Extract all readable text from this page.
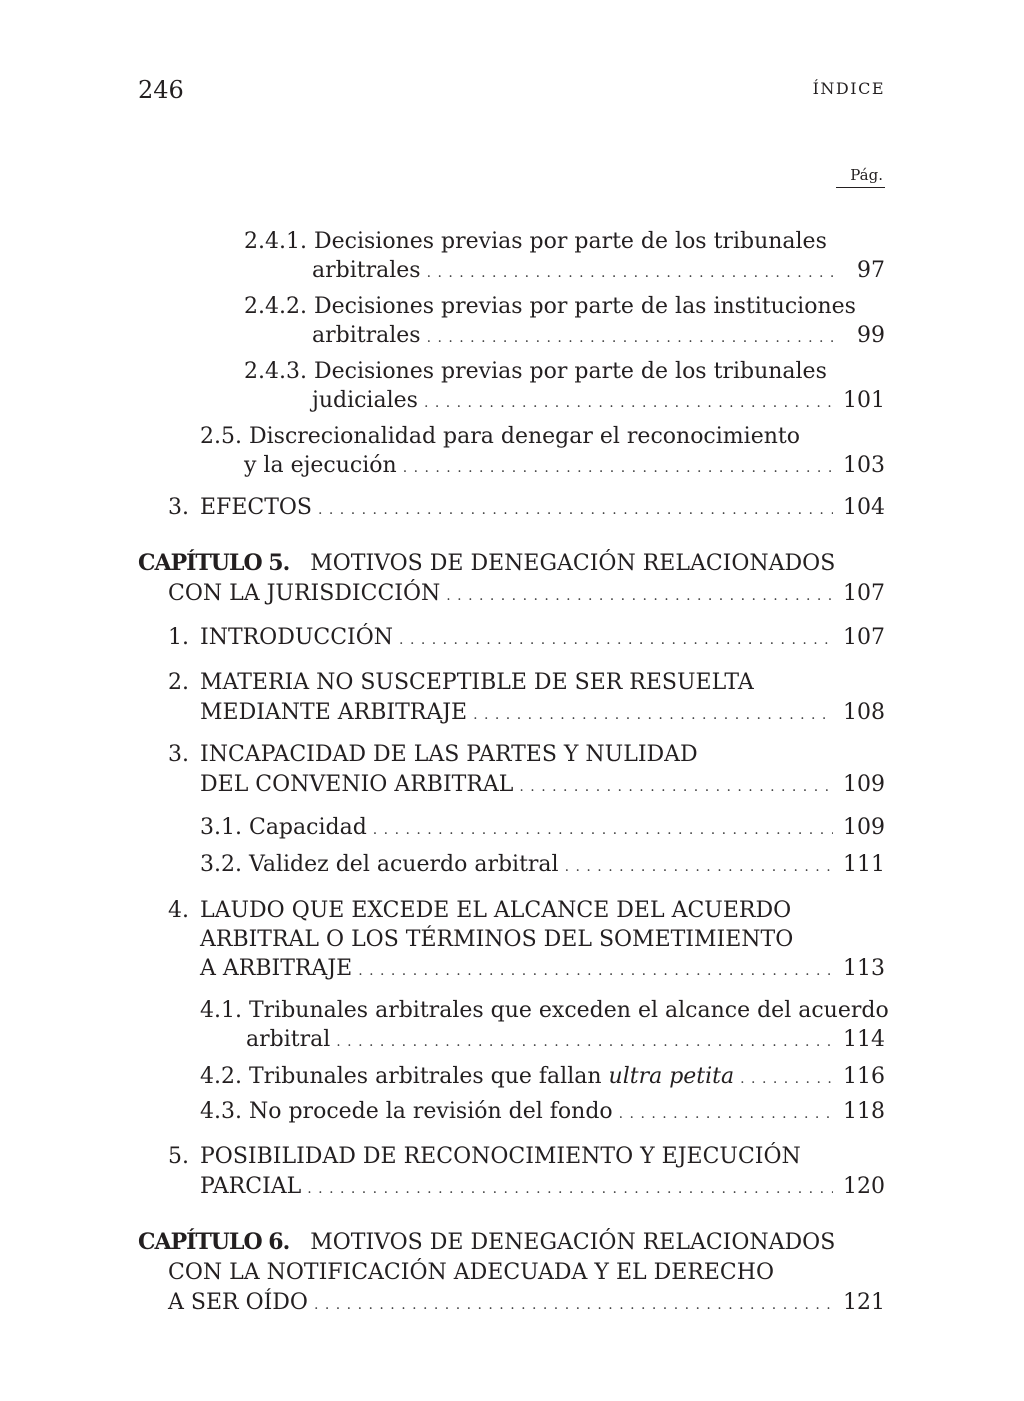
246	ÍNDICE
Pág.
2.4.1.
Decisiones previas por parte de los tribunales
arbitrales . . .	97
2.4.2.
Decisiones previas por parte de las instituciones
arbitrales . . .	99
2.4.3.
Decisiones previas por parte de los tribunales
judiciales . . .	101
2.5.
Discrecionalidad para denegar el reconocimiento
y la ejecución . . .	103
3. EFECTOS . . .	104
CAPÍTULO 5.
MOTIVOS DE DENEGACIÓN RELACIONADOS
CON LA JURISDICCIÓN . . .	107
1. INTRODUCCIÓN . . .	107
2. MATERIA NO SUSCEPTIBLE DE SER RESUELTA
MEDIANTE ARBITRAJE . . .	108
3. INCAPACIDAD DE LAS PARTES Y NULIDAD
DEL CONVENIO ARBITRAL . . .	109
3.1.
Capacidad . . .	109
3.2.
Validez del acuerdo arbitral . . .	111
4. LAUDO QUE EXCEDE EL ALCANCE DEL ACUERDO
ARBITRAL O LOS TÉRMINOS DEL SOMETIMIENTO
A ARBITRAJE . . .	113
4.1.
Tribunales arbitrales que exceden el alcance del acuerdo
arbitral . . .	114
4.2.
Tribunales arbitrales que fallan ultra petita . . .	116
4.3.
No procede la revisión del fondo . . .	118
5. POSIBILIDAD DE RECONOCIMIENTO Y EJECUCIÓN
PARCIAL . . .	120
CAPÍTULO 6.
MOTIVOS DE DENEGACIÓN RELACIONADOS
CON LA NOTIFICACIÓN ADECUADA Y EL DERECHO
A SER OÍDO . . .	121
